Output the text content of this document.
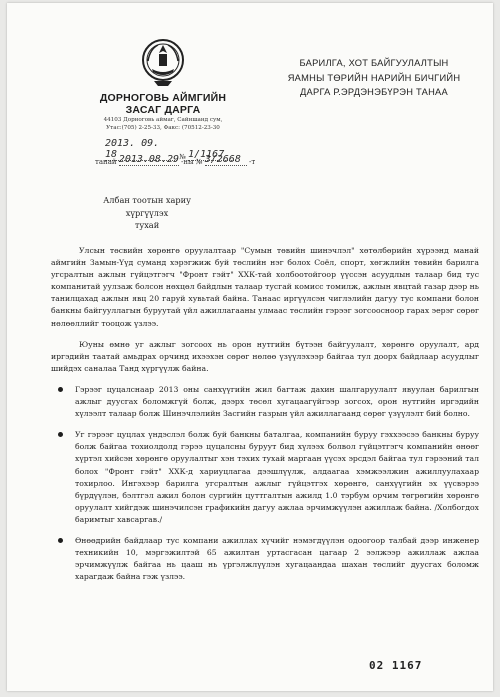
ДОРНОГОВЬ АЙМГИЙН
ЗАСАГ ДАРГА
44103 Дорноговь аймаг, Сайншанд сум,
Утас:(705) 2-25-33, Факс: (70512-23-30
2013. 09. 18	№ 1/1167
танай 2013.08.29 -ны № 3/2668 -т
БАРИЛГА, ХОТ БАЙГУУЛАЛТЫН
ЯАМНЫ ТӨРИЙН НАРИЙН БИЧГИЙН
ДАРГА Р.ЭРДЭНЭБҮРЭН ТАНАА
Албан тоотын хариу хүргүүлэх
тухай

Улсын төсвийн хөрөнгө оруулалтаар "Сумын төвийн шинэчлэл" хөтөлбөрийн хүрээнд манай аймгийн Замын-Үүд суманд хэрэгжиж буй төслийн нэг болох Соёл, спорт, хөгжлийн төвийн барилга угсралтын ажлын гүйцэтгэгч "Фронт гэйт" ХХК-тай холбоотойгоор үүссэн асуудлын талаар бид тус компанитай уулзаж болсон нөхцөл байдлын талаар тусгай комисс томилж, ажлын явцтай газар дээр нь танилцахад ажлын явц 20 гаруй хувьтай байна. Танаас иргүүлсэн чиглэлийн дагуу тус компани болон банкны байгууллагын буруутай үйл ажиллагааны улмаас төслийн гэрээг зогсоосноор гарах эерэг сөрөг нөлөөллийг тооцож үзлээ.

Юуны өмнө уг ажлыг зогсоох нь орон нутгийн бүтээн байгуулалт, хөрөнгө оруулалт, ард иргэдийн таатай амьдрах орчинд ихээхэн сөрөг нөлөө үзүүлэхээр байгаа тул доорх байдлаар асуудлыг шийдэх саналаа Танд хүргүүлж байна.

Гэрээг цуцалснаар 2013 оны санхүүгийн жил багтаж дахин шалгаруулалт явуулан барилгын ажлыг дуусгах боломжгүй болж, дээрх төсөл хугацаагүйгээр зогсох, орон нутгийн иргэдийн хүлээлт талаар болж Шинэчлэлийн Засгийн газрын үйл ажиллагаанд сөрөг үзүүлэлт бий болно.
Уг гэрээг цуцлах үндэслэл болж буй банкны баталгаа, компанийн буруу гэххээсээ банкны буруу болж байгаа тохиолдолд гэрээ цуцалсны буруут бид хүлээх болвол гүйцэтгэгч компанийн өнөөг хүртэл хийсэн хөрөнгө оруулалтыг хэн тэхих тухай маргаан үүсэх эрсдэл байгаа тул гэрээний тал болох "Фронт гэйт" ХХК-д хариуцлагаа дээшлүүлж, алдаагаа хэмжээлжин ажиллуулахаар тохирлоо. Ингэхээр барилга угсралтын ажлыг гүйцэтгэх хөрөнгө, санхүүгийн эх үүсвэрээ бүрдүүлэн, бэлтгэл ажил болон сургийн цуттгалтын ажилд 1.0 тэрбум орчим төгрөгийн хөрөнгө оруулалт хийгдэж шинэчилсэн графикийн дагуу ажлаа эрчимжүүлэн ажиллаж байна. /Холбогдох баримтыг хавсаргав./
Өнөөдрийн байдлаар тус компани ажиллах хүчийг нэмэгдүүлэн одоогоор талбай дээр инженер техникийн 10, мэргэжилтэй 65 ажилтан уртасгасан цагаар 2 ээлжээр ажиллаж ажлаа эрчимжүүлж байгаа нь цааш нь үргэлжлүүлэн хугацаандаа шахан төслийг дуусгах боломж харагдаж байна гэж үзлээ.
02 1167
